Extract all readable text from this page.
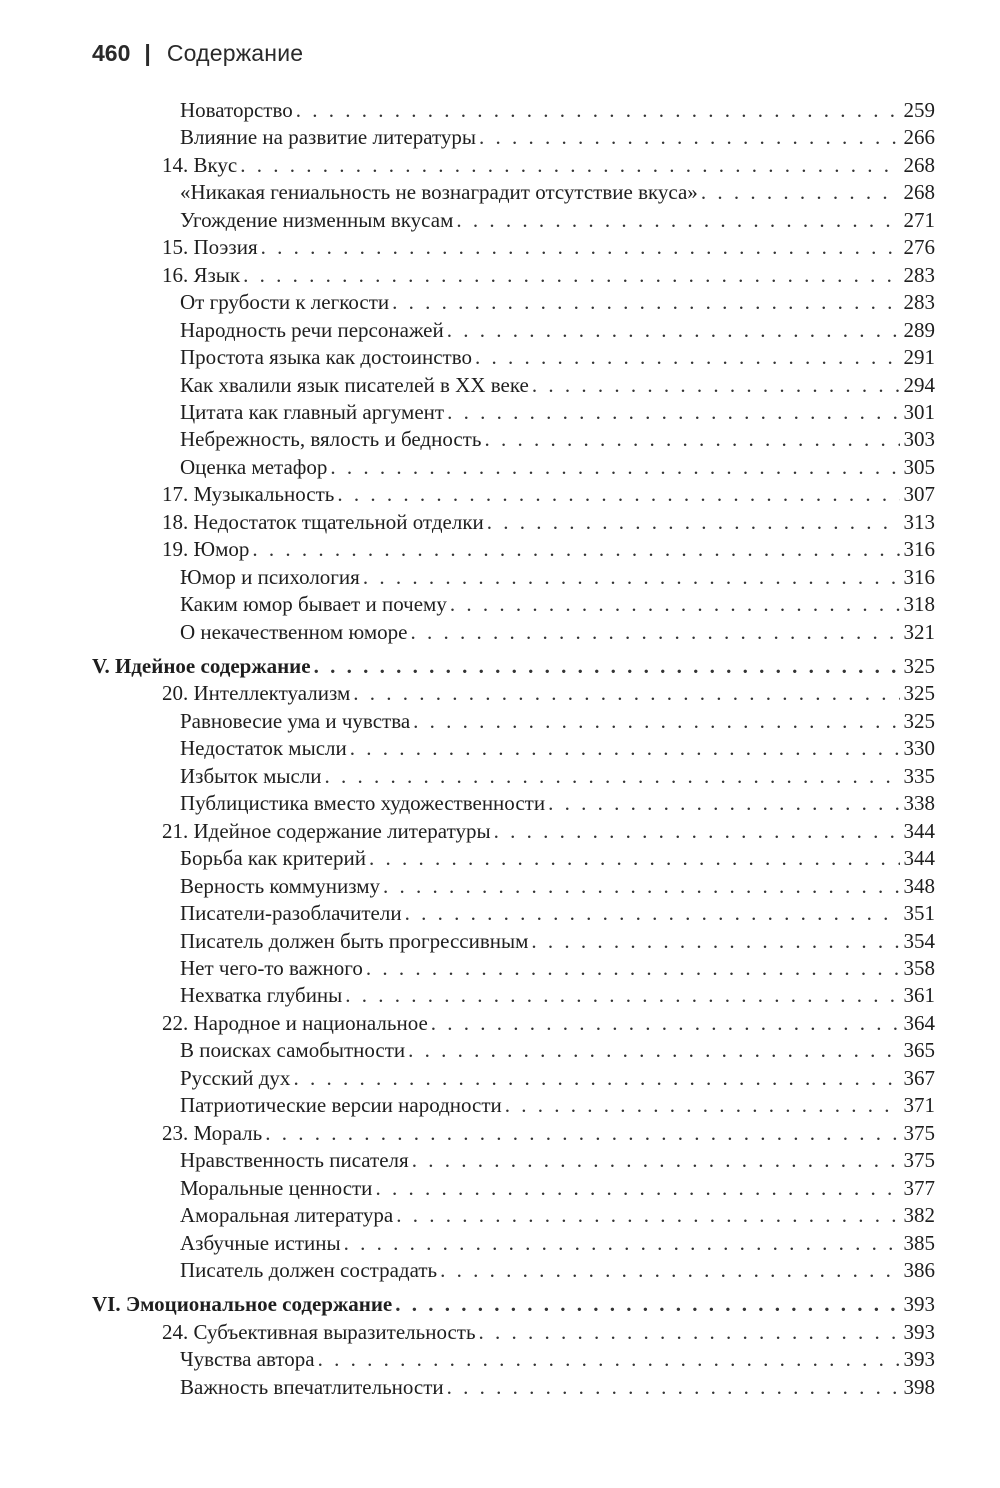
460 | Содержание
Новаторство . . .	259
Влияние на развитие литературы . . .	266
14. Вкус . . .	268
«Никакая гениальность не вознаградит отсутствие вкуса» . . .	268
Угождение низменным вкусам . . .	271
15. Поэзия . . .	276
16. Язык . . .	283
От грубости к легкости . . .	283
Народность речи персонажей . . .	289
Простота языка как достоинство . . .	291
Как хвалили язык писателей в XX веке . . .	294
Цитата как главный аргумент . . .	301
Небрежность, вялость и бедность . . .	303
Оценка метафор . . .	305
17. Музыкальность . . .	307
18. Недостаток тщательной отделки . . .	313
19. Юмор . . .	316
Юмор и психология . . .	316
Каким юмор бывает и почему . . .	318
О некачественном юморе . . .	321
V. Идейное содержание . . .	325
20. Интеллектуализм . . .	325
Равновесие ума и чувства . . .	325
Недостаток мысли . . .	330
Избыток мысли . . .	335
Публицистика вместо художественности . . .	338
21. Идейное содержание литературы . . .	344
Борьба как критерий . . .	344
Верность коммунизму . . .	348
Писатели-разоблачители . . .	351
Писатель должен быть прогрессивным . . .	354
Нет чего-то важного . . .	358
Нехватка глубины . . .	361
22. Народное и национальное . . .	364
В поисках самобытности . . .	365
Русский дух . . .	367
Патриотические версии народности . . .	371
23. Мораль . . .	375
Нравственность писателя . . .	375
Моральные ценности . . .	377
Аморальная литература . . .	382
Азбучные истины . . .	385
Писатель должен сострадать . . .	386
VI. Эмоциональное содержание . . .	393
24. Субъективная выразительность . . .	393
Чувства автора . . .	393
Важность впечатлительности . . .	398
